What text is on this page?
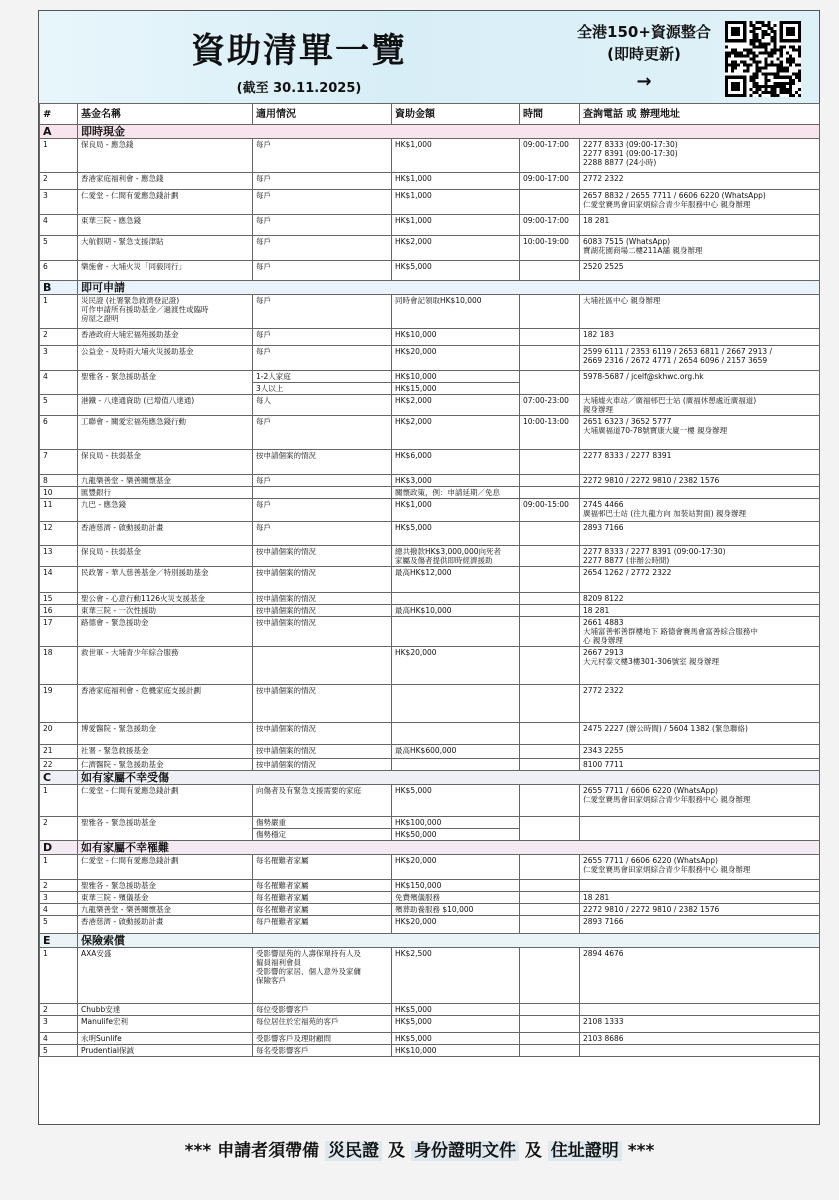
資助清單一覽
(截至 30.11.2025)
全港150+資源整合
(即時更新)
→
#	基金名稱	適用情況	資助金額	時間	查詢電話 或 辦理地址
A	即時現金				
1	保良局 - 應急錢	每戶	HK$1,000	09:00-17:00	2277 8333 (09:00-17:30)
2277 8391 (09:00-17:30)
2288 8877 (24小時)
2	香港家庭福利會 - 應急錢	每戶	HK$1,000	09:00-17:00	2772 2322
3	仁愛堂 - 仁間有愛應急錢計劃	每戶	HK$1,000		2657 8832 / 2655 7711 / 6606 6220 (WhatsApp)
仁愛堂賽馬會田家炳綜合青少年服務中心 親身辦理
4	東華三院 - 應急錢	每戶	HK$1,000	09:00-17:00	18 281
5	大航假期 - 緊急支援津貼	每戶	HK$2,000	10:00-19:00	6083 7515 (WhatsApp)
寶湖花園商場二樓211A舖 親身辦理
6	樂施會 - 大埔火災「同毅同行」	每戶	HK$5,000		2520 2525
B	即可申請				
1	災民證 (社署緊急救濟登記證)
可作申請所有援助基金／過渡性或臨時
房屋之證明	每戶	同時會記領取HK$10,000		大埔社區中心 親身辦理
2	香港政府大埔宏福苑援助基金	每戶	HK$10,000		182 183
3	公益金 - 及時雨大埔火災援助基金	每戶	HK$20,000		2599 6111 / 2353 6119 / 2653 6811 / 2667 2913 /
2669 2316 / 2672 4771 / 2654 6096 / 2157 3659
4	聖雅各 - 緊急援助基金	1-2人家庭	HK$10,000		5978-5687 / jcelf@skhwc.org.hk
		3人以上	HK$15,000		
5	港鐵 - 八達通資助 (已增值八達通)	每人	HK$2,000	07:00-23:00	大埔墟火車站／廣福邨巴士站 (廣福休憩處近廣福道)
親身辦理
6	工聯會 - 關愛宏福苑應急錢行動	每戶	HK$2,000	10:00-13:00	2651 6323 / 3652 5777
大埔廣福道70-78號寶康大廈一樓 親身辦理
7	保良局 - 扶弱基金	按申請個案的情況	HK$6,000		2277 8333 / 2277 8391
8	九龍樂善堂 - 樂善關懷基金	每戶	HK$3,000		2272 9810 / 2272 9810 / 2382 1576
10	匯豐銀行		關懷政策，例：申請延期／免息		
11	九巴 - 應急錢	每戶	HK$1,000	09:00-15:00	2745 4466
廣福邨巴士站 (往九龍方向 加裝站對面) 親身辦理
12	香港慈濟 - 啟動援助計畫	每戶	HK$5,000		2893 7166
13	保良局 - 扶弱基金	按申請個案的情況	總共撥款HK$3,000,000向死者
家屬及傷者提供即時經濟援助		2277 8333 / 2277 8391 (09:00-17:30)
2277 8877 (非辦公時間)
14	民政署 - 華人慈善基金／特別援助基金	按申請個案的情況	最高HK$12,000		2654 1262 / 2772 2322
15	聖公會 - 心意行動1126火災支援基金	按申請個案的情況			8209 8122
16	東華三院 - 一次性援助	按申請個案的情況	最高HK$10,000		18 281
17	路德會 - 緊急援助金	按申請個案的情況			2661 4883
大埔富善邨善群樓地下 路德會賽馬會富善綜合服務中
心 親身辦理
18	救世軍 - 大埔青少年綜合服務		HK$20,000		2667 2913
大元村泰文樓3樓301-306號室 親身辦理
19	香港家庭福利會 - 危機家庭支援計劃	按申請個案的情況			2772 2322
20	博愛醫院 - 緊急援助金	按申請個案的情況			2475 2227 (辦公時間) / 5604 1382 (緊急聯絡)
21	社署 - 緊急救援基金	按申請個案的情況	最高HK$600,000		2343 2255
22	仁濟醫院 - 緊急援助基金	按申請個案的情況			8100 7711
C	如有家屬不幸受傷				
1	仁愛堂 - 仁間有愛應急錢計劃	向傷者及有緊急支援需要的家庭	HK$5,000		2655 7711 / 6606 6220 (WhatsApp)
仁愛堂賽馬會田家炳綜合青少年服務中心 親身辦理
2	聖雅各 - 緊急援助基金	傷勢嚴重	HK$100,000		
		傷勢穩定	HK$50,000		
D	如有家屬不幸罹難				
1	仁愛堂 - 仁間有愛應急錢計劃	每名罹難者家屬	HK$20,000		2655 7711 / 6606 6220 (WhatsApp)
仁愛堂賽馬會田家炳綜合青少年服務中心 親身辦理
2	聖雅各 - 緊急援助基金	每名罹難者家屬	HK$150,000		
3	東華三院 - 殯儀基金	每名罹難者家屬	免費殯儀服務		18 281
4	九龍樂善堂 - 樂善關懷基金	每名罹難者家屬	殯葬助養服務 $10,000		2272 9810 / 2272 9810 / 2382 1576
5	香港慈濟 - 啟動援助計畫	每戶罹難者家屬	HK$20,000		2893 7166
E	保險索償				
1	AXA安盛	受影響屋苑的人壽保單持有人及
僱員福利會員
受影響的家居、個人意外及家傭
保險客戶	HK$2,500		2894 4676
2	Chubb安達	每位受影響客戶	HK$5,000		
3	Manulife宏利	每位居住於宏福苑的客戶	HK$5,000		2108 1333
4	永明Sunlife	受影響客戶及理財顧問	HK$5,000		2103 8686
5	Prudential保誠	每名受影響客戶	HK$10,000		
*** 申請者須帶備 災民證 及 身份證明文件 及 住址證明 ***
